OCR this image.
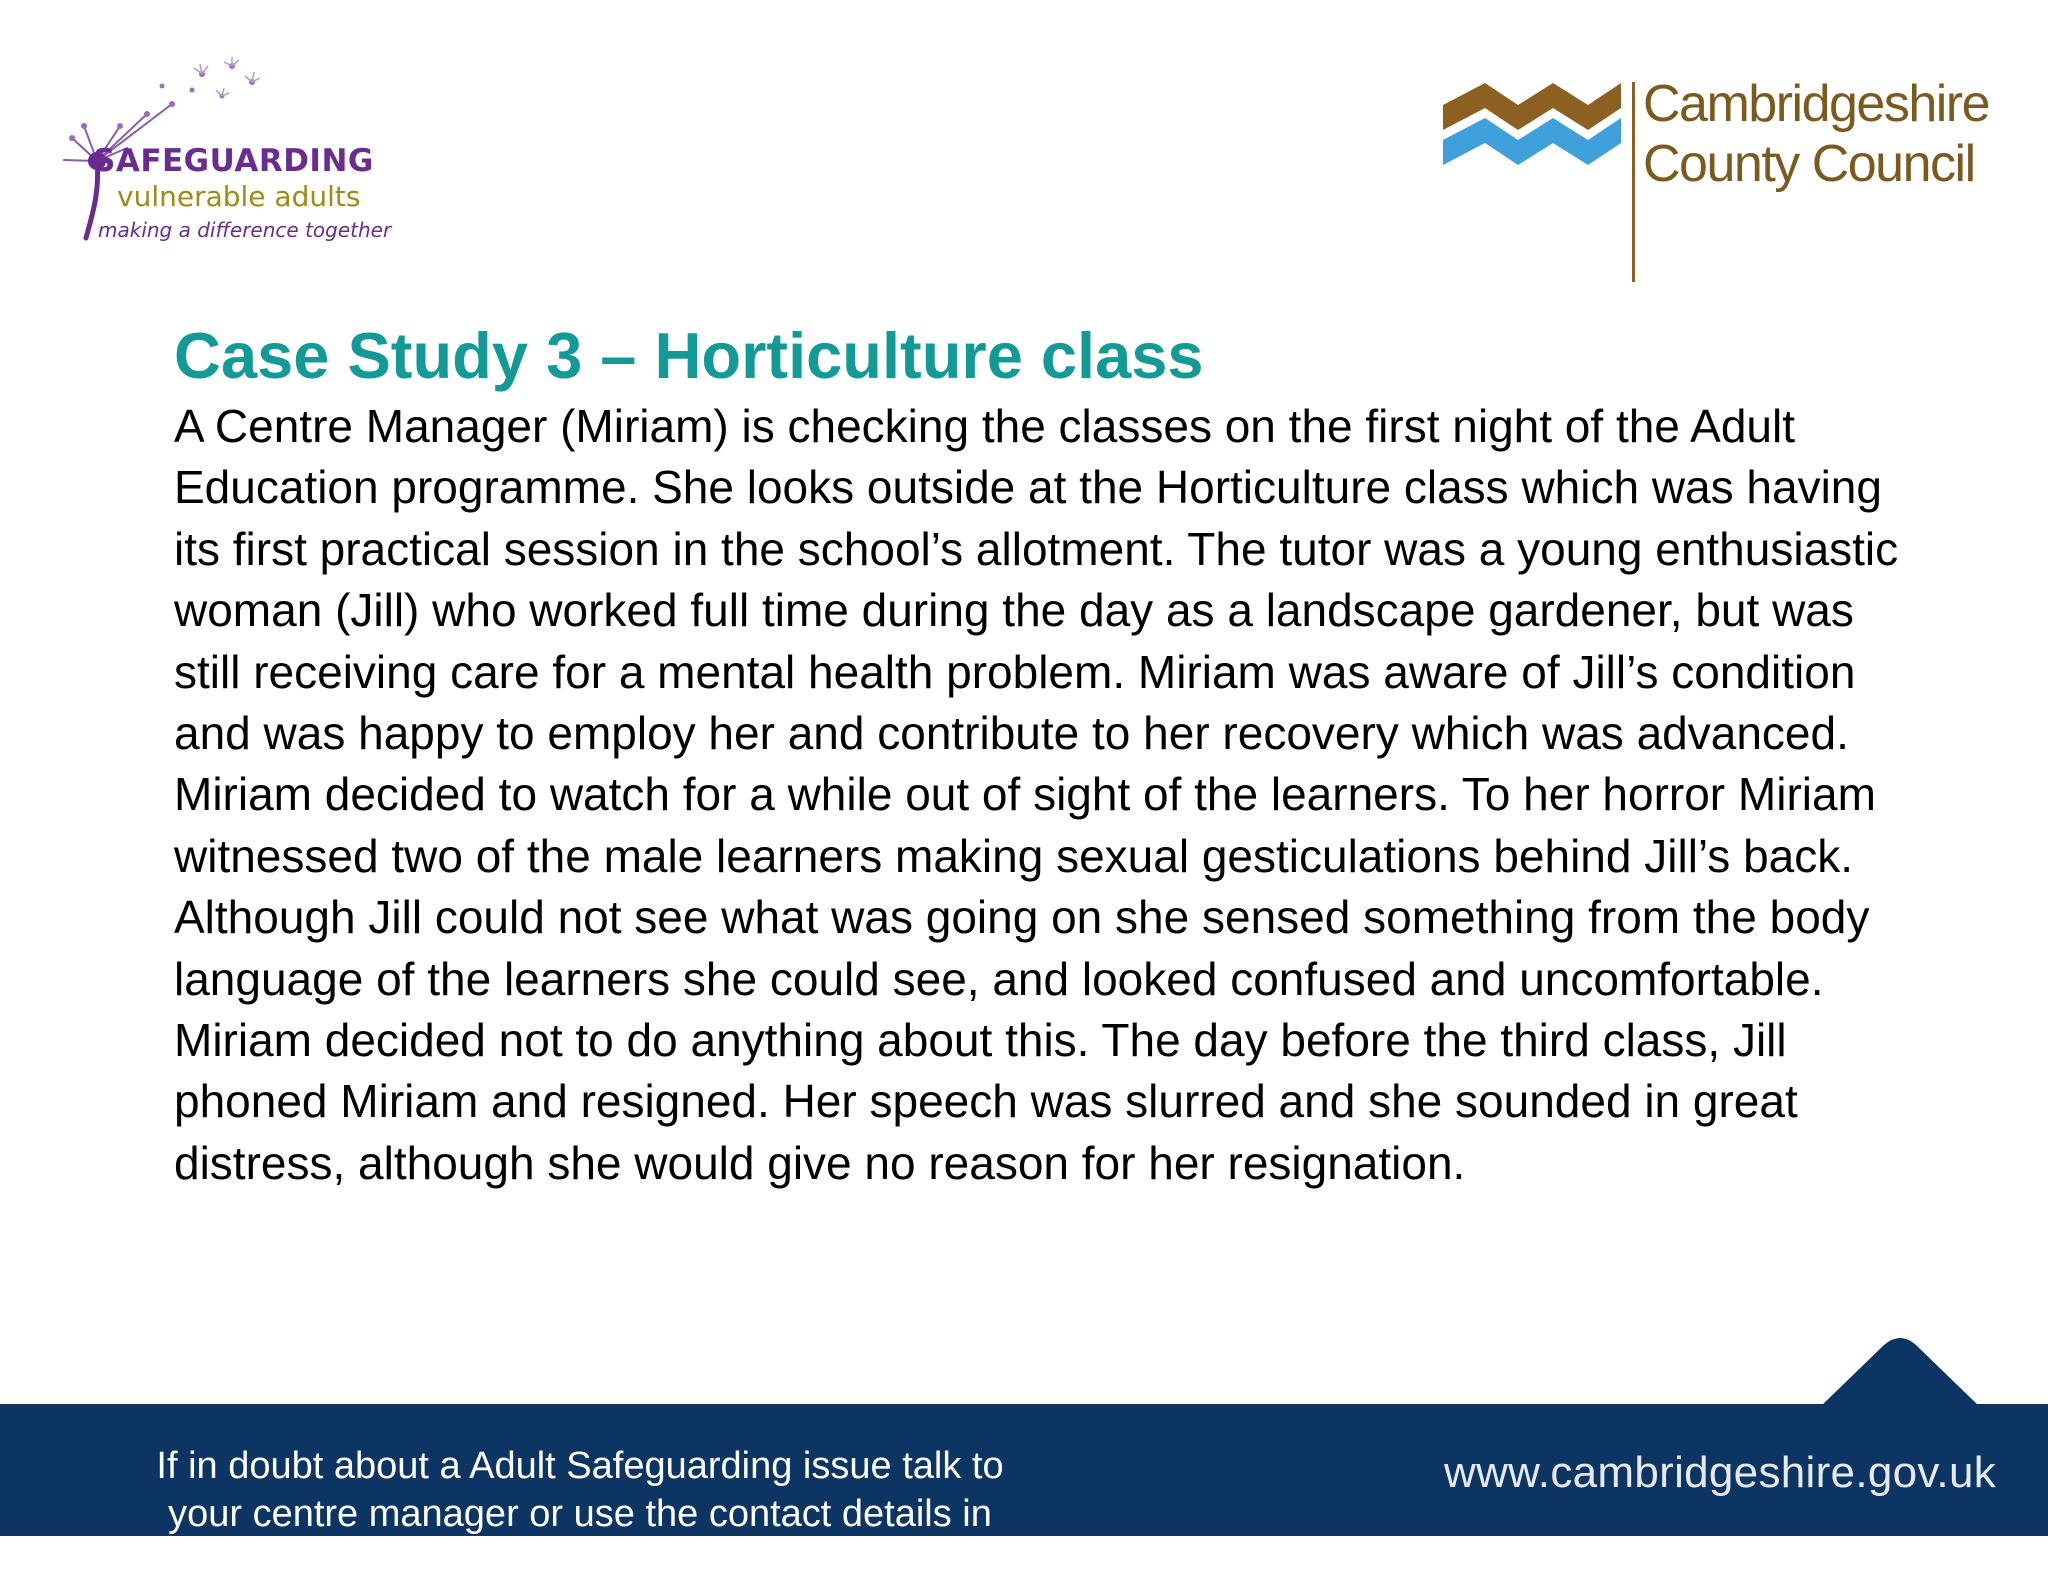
SAFEGUARDING
vulnerable adults
making a difference together
Cambridgeshire
County Council
Case Study 3 – Horticulture class

A Centre Manager (Miriam) is checking the classes on the first night of the Adult Education programme. She looks outside at the Horticulture class which was having its first practical session in the school’s allotment. The tutor was a young enthusiastic woman (Jill) who worked full time during the day as a landscape gardener, but was still receiving care for a mental health problem. Miriam was aware of Jill’s condition and was happy to employ her and contribute to her recovery which was advanced.

Miriam decided to watch for a while out of sight of the learners. To her horror Miriam witnessed two of the male learners making sexual gesticulations behind Jill’s back. Although Jill could not see what was going on she sensed something from the body language of the learners she could see, and looked confused and uncomfortable. Miriam decided not to do anything about this. The day before the third class, Jill phoned Miriam and resigned. Her speech was slurred and she sounded in great distress, although she would give no reason for her resignation.

If in doubt about a Adult Safeguarding issue talk to your centre manager or use the contact details in your resources folder
www.cambridgeshire.gov.uk
